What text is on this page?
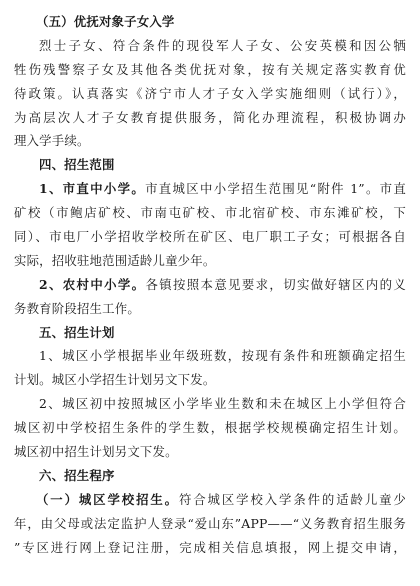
（五）优抚对象子女入学
烈士子女、符合条件的现役军人子女、公安英模和因公牺
牲伤残警察子女及其他各类优抚对象，按有关规定落实教育优
待政策。认真落实《济宁市人才子女入学实施细则（试行）》，
为高层次人才子女教育提供服务，简化办理流程，积极协调办
理入学手续。
四、招生范围
1、市直中小学。市直城区中小学招生范围见“附件 1”。市直
矿校（市鲍店矿校、市南屯矿校、市北宿矿校、市东滩矿校，下
同）、市电厂小学招收学校所在矿区、电厂职工子女；可根据各自
实际，招收驻地范围适龄儿童少年。
2、农村中小学。各镇按照本意见要求，切实做好辖区内的义
务教育阶段招生工作。
五、招生计划
1、城区小学根据毕业年级班数，按现有条件和班额确定招生
计划。城区小学招生计划另文下发。
2、城区初中按照城区小学毕业生数和未在城区上小学但符合
城区初中学校招生条件的学生数，根据学校规模确定招生计划。
城区初中招生计划另文下发。
六、招生程序
（一）城区学校招生。符合城区学校入学条件的适龄儿童少
年，由父母或法定监护人登录“爱山东”APP——“义务教育招生服务
”专区进行网上登记注册，完成相关信息填报，网上提交申请，
